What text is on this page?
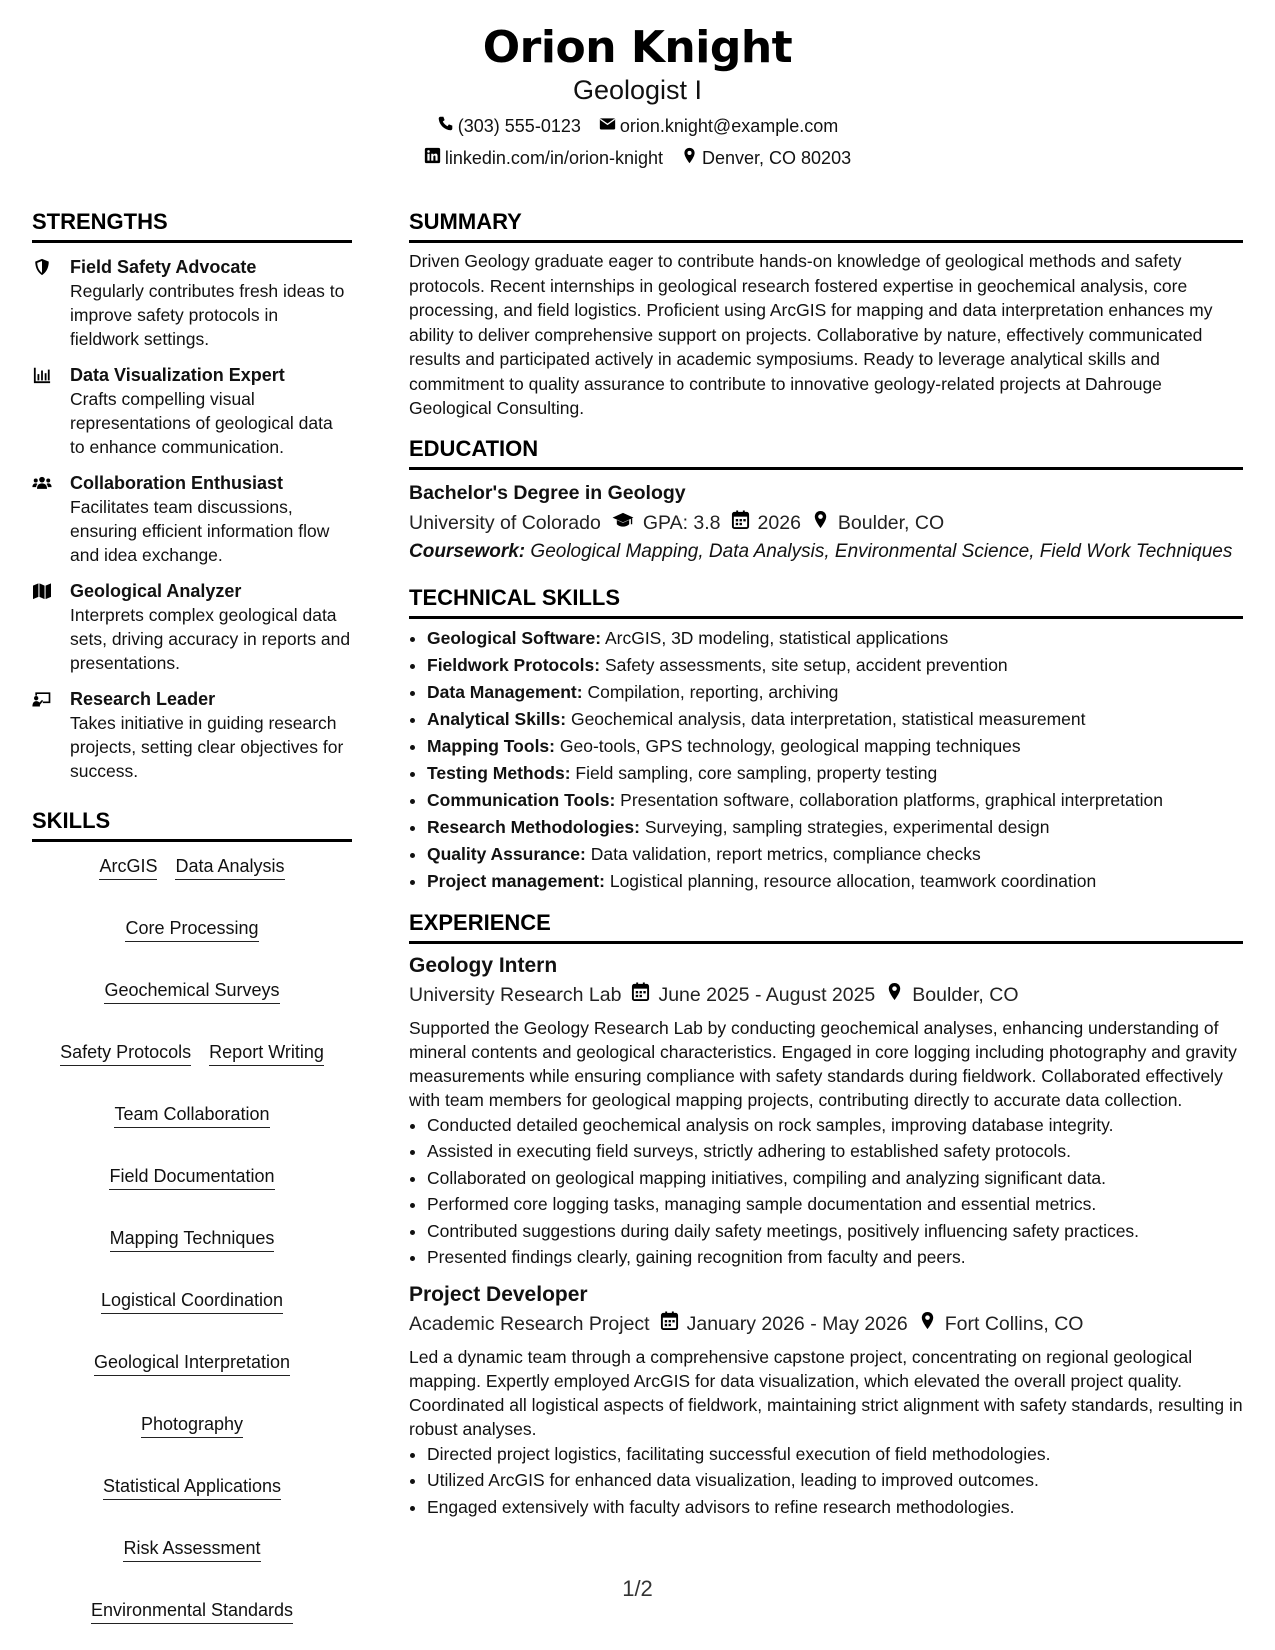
Orion Knight
Geologist I
(303) 555-0123 orion.knight@example.com
linkedin.com/in/orion-knight Denver, CO 80203
STRENGTHS
Field Safety Advocate
Regularly contributes fresh ideas to improve safety protocols in fieldwork settings.
Data Visualization Expert
Crafts compelling visual representations of geological data to enhance communication.
Collaboration Enthusiast
Facilitates team discussions, ensuring efficient information flow and idea exchange.
Geological Analyzer
Interprets complex geological data sets, driving accuracy in reports and presentations.
Research Leader
Takes initiative in guiding research projects, setting clear objectives for success.
SKILLS
ArcGIS Data Analysis
Core Processing
Geochemical Surveys
Safety Protocols Report Writing
Team Collaboration
Field Documentation
Mapping Techniques
Logistical Coordination
Geological Interpretation
Photography
Statistical Applications
Risk Assessment
Environmental Standards
SUMMARY
Driven Geology graduate eager to contribute hands-on knowledge of geological methods and safety protocols. Recent internships in geological research fostered expertise in geochemical analysis, core processing, and field logistics. Proficient using ArcGIS for mapping and data interpretation enhances my ability to deliver comprehensive support on projects. Collaborative by nature, effectively communicated results and participated actively in academic symposiums. Ready to leverage analytical skills and commitment to quality assurance to contribute to innovative geology-related projects at Dahrouge Geological Consulting.
EDUCATION
Bachelor's Degree in Geology
University of Colorado GPA: 3.8 2026 Boulder, CO
Coursework: Geological Mapping, Data Analysis, Environmental Science, Field Work Techniques
TECHNICAL SKILLS
• Geological Software: ArcGIS, 3D modeling, statistical applications
• Fieldwork Protocols: Safety assessments, site setup, accident prevention
• Data Management: Compilation, reporting, archiving
• Analytical Skills: Geochemical analysis, data interpretation, statistical measurement
• Mapping Tools: Geo-tools, GPS technology, geological mapping techniques
• Testing Methods: Field sampling, core sampling, property testing
• Communication Tools: Presentation software, collaboration platforms, graphical interpretation
• Research Methodologies: Surveying, sampling strategies, experimental design
• Quality Assurance: Data validation, report metrics, compliance checks
• Project management: Logistical planning, resource allocation, teamwork coordination
EXPERIENCE
Geology Intern
University Research Lab June 2025 - August 2025 Boulder, CO
Supported the Geology Research Lab by conducting geochemical analyses, enhancing understanding of mineral contents and geological characteristics. Engaged in core logging including photography and gravity measurements while ensuring compliance with safety standards during fieldwork. Collaborated effectively with team members for geological mapping projects, contributing directly to accurate data collection.
• Conducted detailed geochemical analysis on rock samples, improving database integrity.
• Assisted in executing field surveys, strictly adhering to established safety protocols.
• Collaborated on geological mapping initiatives, compiling and analyzing significant data.
• Performed core logging tasks, managing sample documentation and essential metrics.
• Contributed suggestions during daily safety meetings, positively influencing safety practices.
• Presented findings clearly, gaining recognition from faculty and peers.
Project Developer
Academic Research Project January 2026 - May 2026 Fort Collins, CO
Led a dynamic team through a comprehensive capstone project, concentrating on regional geological mapping. Expertly employed ArcGIS for data visualization, which elevated the overall project quality. Coordinated all logistical aspects of fieldwork, maintaining strict alignment with safety standards, resulting in robust analyses.
• Directed project logistics, facilitating successful execution of field methodologies.
• Utilized ArcGIS for enhanced data visualization, leading to improved outcomes.
• Engaged extensively with faculty advisors to refine research methodologies.
1/2
